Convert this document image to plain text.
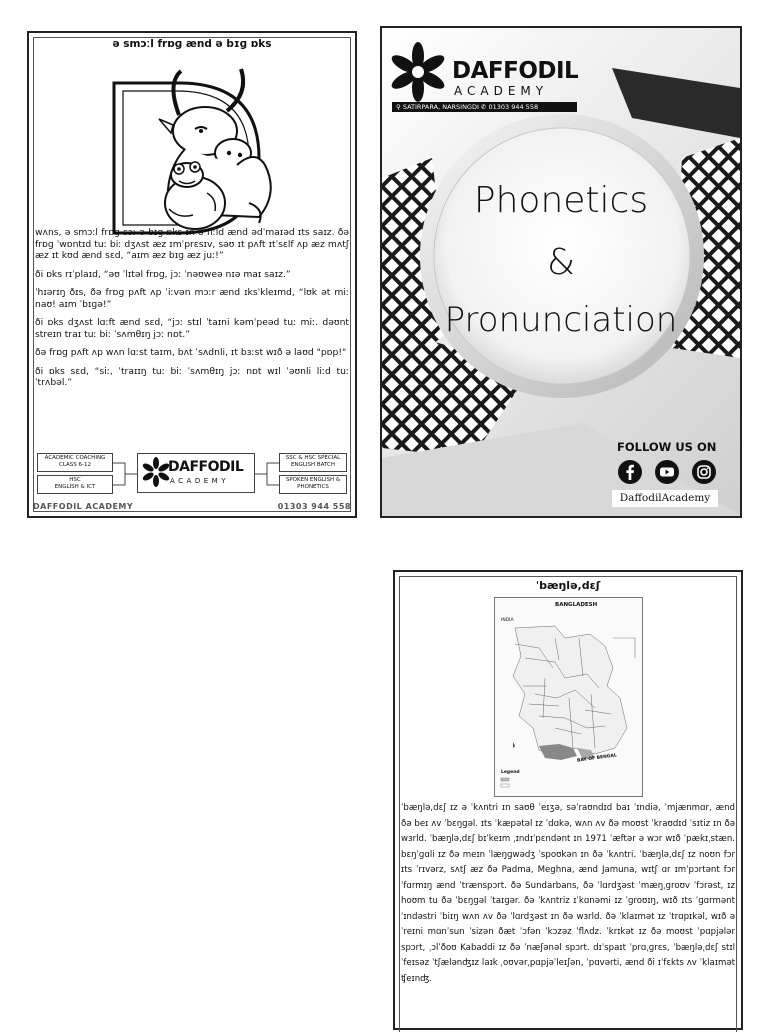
ə smɔːl frɒɡ ænd ə bɪɡ ɒks

wʌns, ə smɔːl frɒɡ sɔː ə bɪɡ ɒks ɪn ə fiːld ænd ədˈmaɪəd ɪts saɪz. ðə frɒɡ ˈwɒntɪd tuː biː dʒʌst æz ɪmˈprɛsɪv, səʊ ɪt pʌft ɪtˈsɛlf ʌp æz mʌtʃ æz ɪt kʊd ænd sɛd, “aɪm æz bɪɡ æz juː!”

ði ɒks rɪˈplaɪd, “əʊ ˈlɪtəl frɒɡ, jɔː ˈnəʊweə nɪə maɪ saɪz.”

ˈhɪərɪŋ ðɪs, ðə frɒɡ pʌft ʌp ˈiːvən mɔːr ænd ɪksˈkleɪmd, “lʊk ət miː naʊ! aɪm ˈbɪɡə!”

ði ɒks dʒʌst lɑːft ænd sɛd, “jɔː stɪl ˈtaɪni kəmˈpeəd tuː miː. dəʊnt streɪn traɪ tuː biː ˈsʌmθɪŋ jɔː nɒt.”

ðə frɒɡ pʌft ʌp wʌn lɑːst taɪm, bʌt ˈsʌdnli, ɪt bɜːst wɪð ə laʊd "pɒp!"

ði ɒks sɛd, “siː, ˈtraɪɪŋ tuː biː ˈsʌmθɪŋ jɔː nɒt wɪl ˈəʊnli liːd tuː ˈtrʌbəl.”

ACADEMIC COACHING
CLASS 6-12
HSC
ENGLISH & ICT
DAFFODIL
ACADEMY
SSC & HSC SPECIAL
ENGLISH BATCH
SPOKEN ENGLISH &
PHONETICS
DAFFODIL ACADEMY	01303 944 558
DAFFODIL
ACADEMY
⚲ SATIRPARA, NARSINGDI ✆ 01303 944 558
Phonetics
&
Pronunciation
FOLLOW US ON
DaffodilAcademy
ˈbæŋlə,dɛʃ
BANGLADESH
INDIA
BAY OF BENGAL
Legend
ˈbæŋlə,dɛʃ ɪz ə ˈkʌntri ɪn saʊθ ˈeɪʒə, səˈraʊndɪd baɪ ˈɪndiə, ˈmjænmɑr, ænd ðə beɪ ʌv ˈbɛŋɡəl. ɪts ˈkæpətəl ɪz ˈdɑkə, wʌn ʌv ðə moʊst ˈkraʊdɪd ˈsɪtiz ɪn ðə wɜrld. ˈbæŋlə,dɛʃ bɪˈkeɪm ˌɪndɪˈpɛndənt ɪn 1971 ˈæftər ə wɔr wɪð ˈpækɪˌstæn. bɛŋˈɡɑli ɪz ðə meɪn ˈlæŋɡwədʒ ˈspoʊkən ɪn ðə ˈkʌntri. ˈbæŋlə,dɛʃ ɪz noʊn fɔr ɪts ˈrɪvərz, sʌtʃ æz ðə Padma, Meghna, ænd Jamuna, wɪtʃ ɑr ɪmˈpɔrtənt fɔr ˈfɑrmɪŋ ænd ˈtrænspɔrt. ðə Sundarbans, ðə ˈlɑrdʒəst ˈmæŋˌɡroʊv ˈfɔrəst, ɪz hoʊm tu ðə ˈbɛŋɡəl ˈtaɪɡər. ðə ˈkʌntriz ɪˈkɑnəmi ɪz ˈɡroʊɪŋ, wɪð ɪts ˈɡɑrmənt ˈɪndəstri ˈbiɪŋ wʌn ʌv ðə ˈlɑrdʒəst ɪn ðə wɜrld. ðə ˈklaɪmət ɪz ˈtrɑpɪkəl, wɪð ə ˈreɪni mɑnˈsun ˈsizən ðæt ˈɔfən ˈkɔzəz ˈflʌdz. ˈkrɪkət ɪz ðə moʊst ˈpɑpjələr spɔrt, ˌɔlˈðoʊ Kabaddi ɪz ðə ˈnæʃənəl spɔrt. dɪˈspaɪt ˈprɑˌɡrɛs, ˈbæŋləˌdɛʃ stɪl ˈfeɪsəz ˈtʃælənʤɪz laɪk ˌoʊvərˌpɑpjəˈleɪʃən, ˈpɑvərti, ænd ði ɪˈfɛkts ʌv ˈklaɪmət ʧeɪnʤ.
